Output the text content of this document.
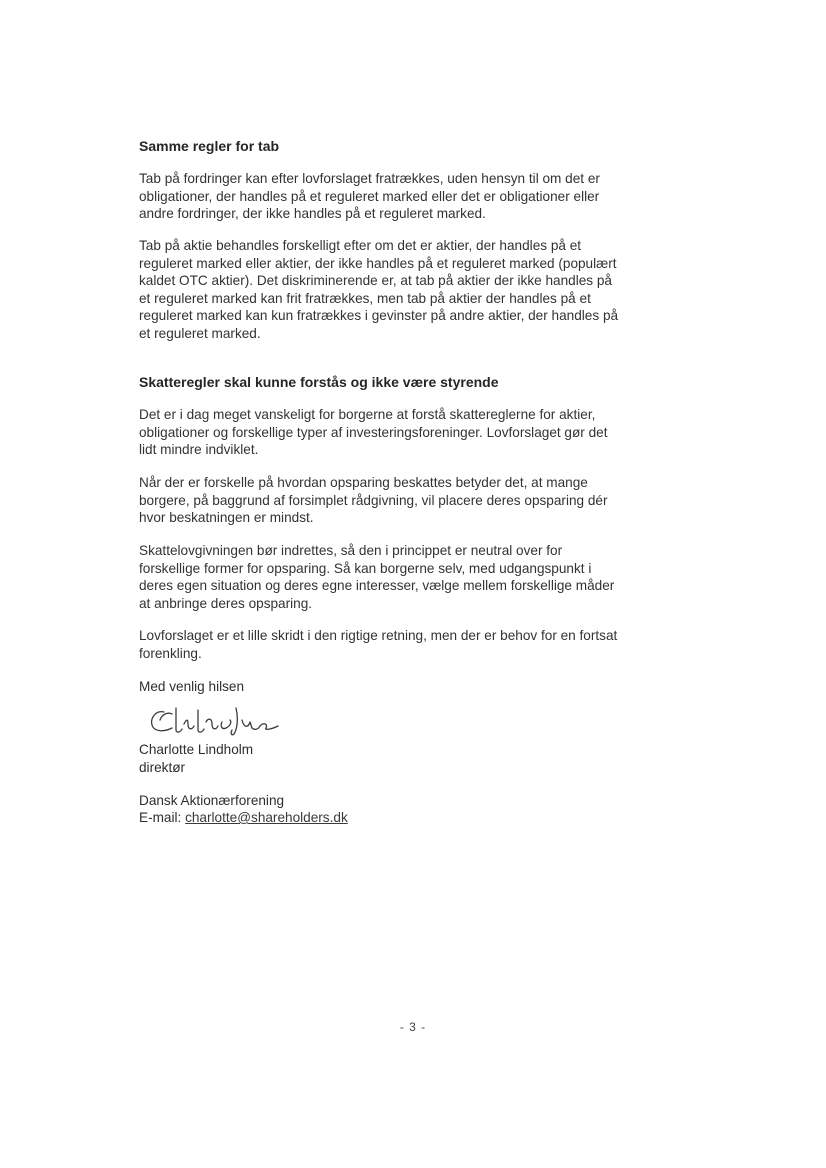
Samme regler for tab

Tab på fordringer kan efter lovforslaget fratrækkes, uden hensyn til om det er
obligationer, der handles på et reguleret marked eller det er obligationer eller
andre fordringer, der ikke handles på et reguleret marked.

Tab på aktie behandles forskelligt efter om det er aktier, der handles på et
reguleret marked eller aktier, der ikke handles på et reguleret marked (populært
kaldet OTC aktier). Det diskriminerende er, at tab på aktier der ikke handles på
et reguleret marked kan frit fratrækkes, men tab på aktier der handles på et
reguleret marked kan kun fratrækkes i gevinster på andre aktier, der handles på
et reguleret marked.

Skatteregler skal kunne forstås og ikke være styrende

Det er i dag meget vanskeligt for borgerne at forstå skattereglerne for aktier,
obligationer og forskellige typer af investeringsforeninger. Lovforslaget gør det
lidt mindre indviklet.

Når der er forskelle på hvordan opsparing beskattes betyder det, at mange
borgere, på baggrund af forsimplet rådgivning, vil placere deres opsparing dér
hvor beskatningen er mindst.

Skattelovgivningen bør indrettes, så den i princippet er neutral over for
forskellige former for opsparing. Så kan borgerne selv, med udgangspunkt i
deres egen situation og deres egne interesser, vælge mellem forskellige måder
at anbringe deres opsparing.

Lovforslaget er et lille skridt i den rigtige retning, men der er behov for en fortsat
forenkling.

Med venlig hilsen
Charlotte Lindholm
direktør
Dansk Aktionærforening
E-mail: charlotte@shareholders.dk
- 3 -
